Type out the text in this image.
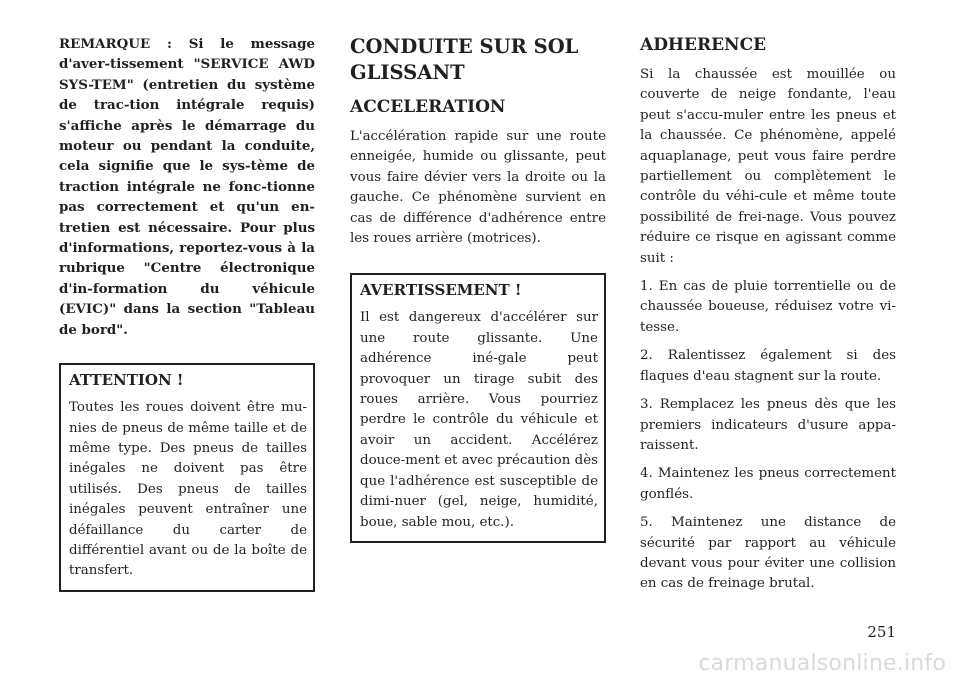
REMARQUE : Si le message d'aver-tissement "SERVICE AWD SYS-TEM" (entretien du système de trac-tion intégrale requis) s'affiche après le démarrage du moteur ou pendant la conduite, cela signifie que le sys-tème de traction intégrale ne fonc-tionne pas correctement et qu'un en-tretien est nécessaire. Pour plus d'informations, reportez-vous à la rubrique "Centre électronique d'in-formation du véhicule (EVIC)" dans la section "Tableau de bord".

ATTENTION !

Toutes les roues doivent être mu-nies de pneus de même taille et de même type. Des pneus de tailles inégales ne doivent pas être utilisés. Des pneus de tailles inégales peuvent entraîner une défaillance du carter de différentiel avant ou de la boîte de transfert.

CONDUITE SUR SOL GLISSANT
ACCELERATION

L'accélération rapide sur une route enneigée, humide ou glissante, peut vous faire dévier vers la droite ou la gauche. Ce phénomène survient en cas de différence d'adhérence entre les roues arrière (motrices).

AVERTISSEMENT !

Il est dangereux d'accélérer sur une route glissante. Une adhérence iné-gale peut provoquer un tirage subit des roues arrière. Vous pourriez perdre le contrôle du véhicule et avoir un accident. Accélérez douce-ment et avec précaution dès que l'adhérence est susceptible de dimi-nuer (gel, neige, humidité, boue, sable mou, etc.).

ADHERENCE

Si la chaussée est mouillée ou couverte de neige fondante, l'eau peut s'accu-muler entre les pneus et la chaussée. Ce phénomène, appelé aquaplanage, peut vous faire perdre partiellement ou complètement le contrôle du véhi-cule et même toute possibilité de frei-nage. Vous pouvez réduire ce risque en agissant comme suit :

1. En cas de pluie torrentielle ou de chaussée boueuse, réduisez votre vi-tesse.
2. Ralentissez également si des flaques d'eau stagnent sur la route.
3. Remplacez les pneus dès que les premiers indicateurs d'usure appa-raissent.
4. Maintenez les pneus correctement gonflés.
5. Maintenez une distance de sécurité par rapport au véhicule devant vous pour éviter une collision en cas de freinage brutal.
251
carmanualsonline.info
